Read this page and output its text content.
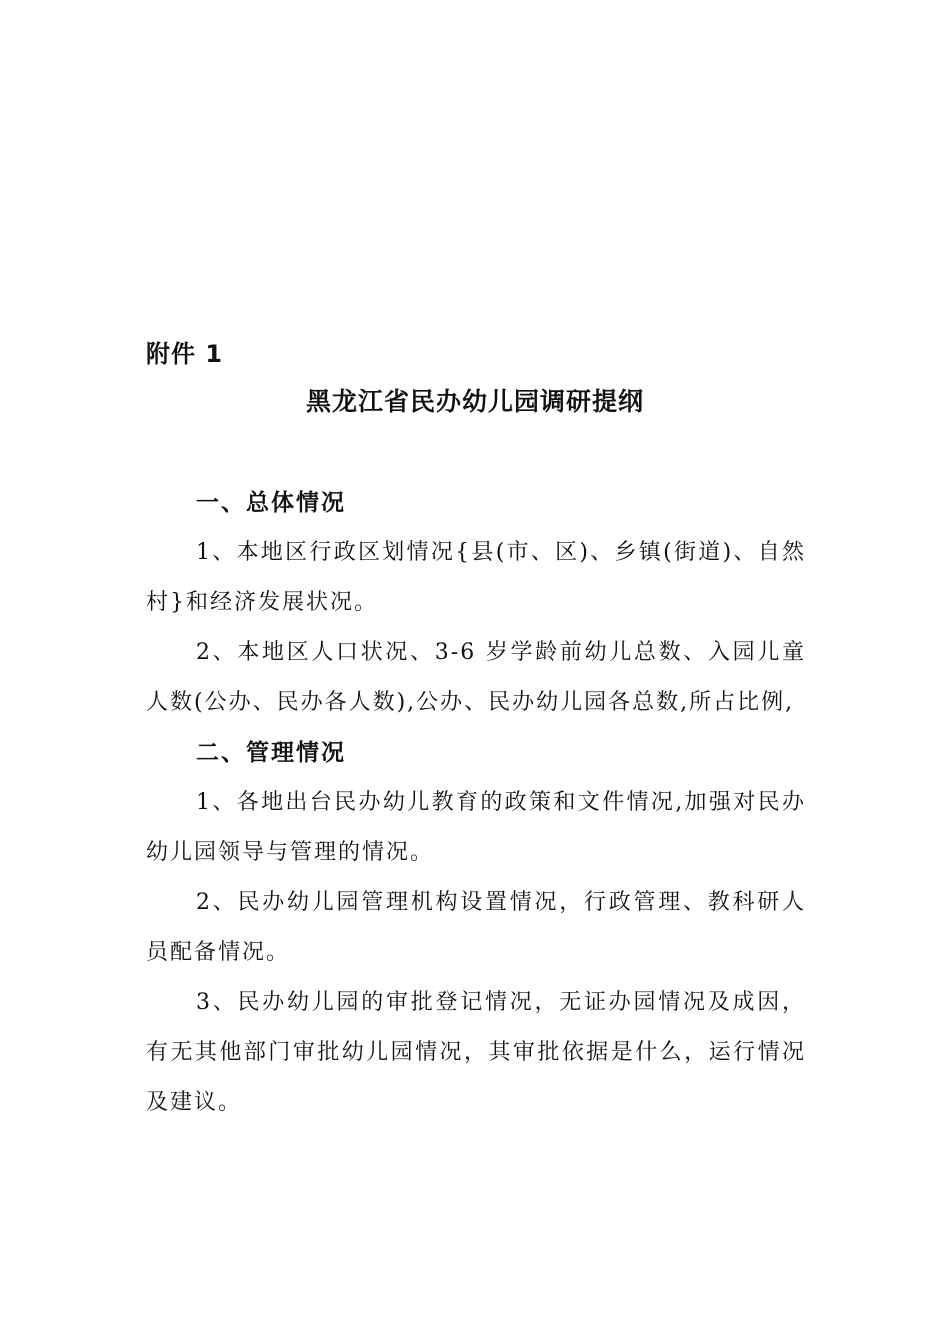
附件 1
黑龙江省民办幼儿园调研提纲
一、总体情况

1、本地区行政区划情况{县(市、区)、乡镇(街道)、自然村}和经济发展状况。

2、本地区人口状况、3-6 岁学龄前幼儿总数、入园儿童人数(公办、民办各人数),公办、民办幼儿园各总数,所占比例,

二、管理情况

1、各地出台民办幼儿教育的政策和文件情况,加强对民办幼儿园领导与管理的情况。

2、民办幼儿园管理机构设置情况，行政管理、教科研人员配备情况。

3、民办幼儿园的审批登记情况，无证办园情况及成因，有无其他部门审批幼儿园情况，其审批依据是什么，运行情况及建议。
